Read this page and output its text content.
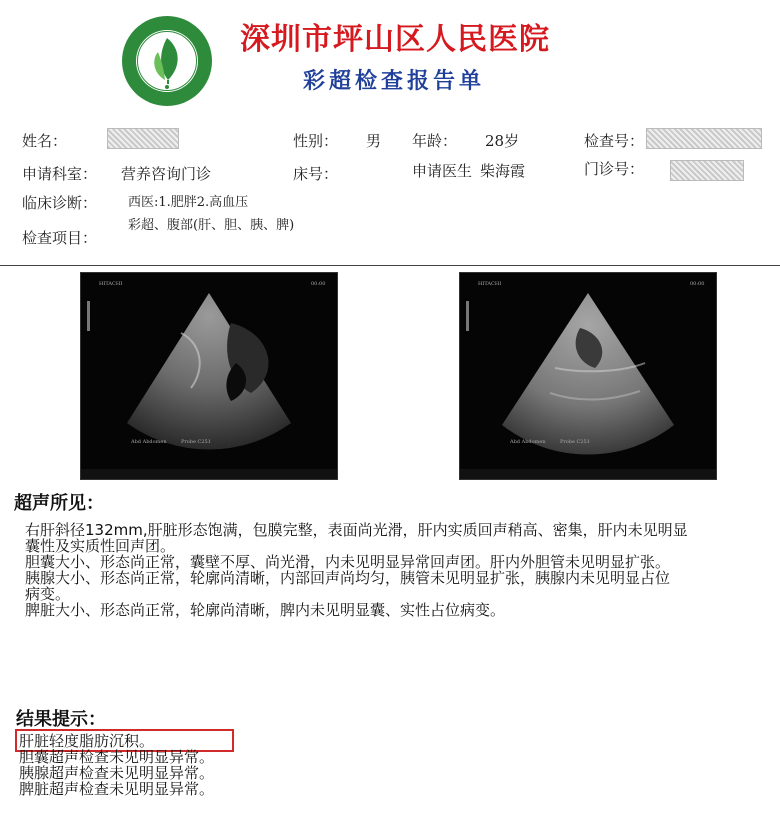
深圳市坪山区人民医院
彩超检查报告单
姓名：	性别： 男 年龄： 28岁	检查号：
申请科室： 营养咨询门诊	床号：	申请医生 柴海霞	门诊号：
临床诊断： 西医:1.肥胖2.高血压
彩超、腹部(肝、胆、胰、脾)
检查项目：
HITACHI	00:00
Abd Abdomen	Probe C251
HITACHI	00:00
Abd Abdomen	Probe C251
超声所见：
右肝斜径132mm,肝脏形态饱满，包膜完整，表面尚光滑，肝内实质回声稍高、密集，肝内未见明显
囊性及实质性回声团。
胆囊大小、形态尚正常，囊壁不厚、尚光滑，内未见明显异常回声团。肝内外胆管未见明显扩张。
胰腺大小、形态尚正常，轮廓尚清晰，内部回声尚均匀，胰管未见明显扩张，胰腺内未见明显占位
病变。
脾脏大小、形态尚正常，轮廓尚清晰，脾内未见明显囊、实性占位病变。
结果提示：
肝脏轻度脂肪沉积。
胆囊超声检查未见明显异常。
胰腺超声检查未见明显异常。
脾脏超声检查未见明显异常。
